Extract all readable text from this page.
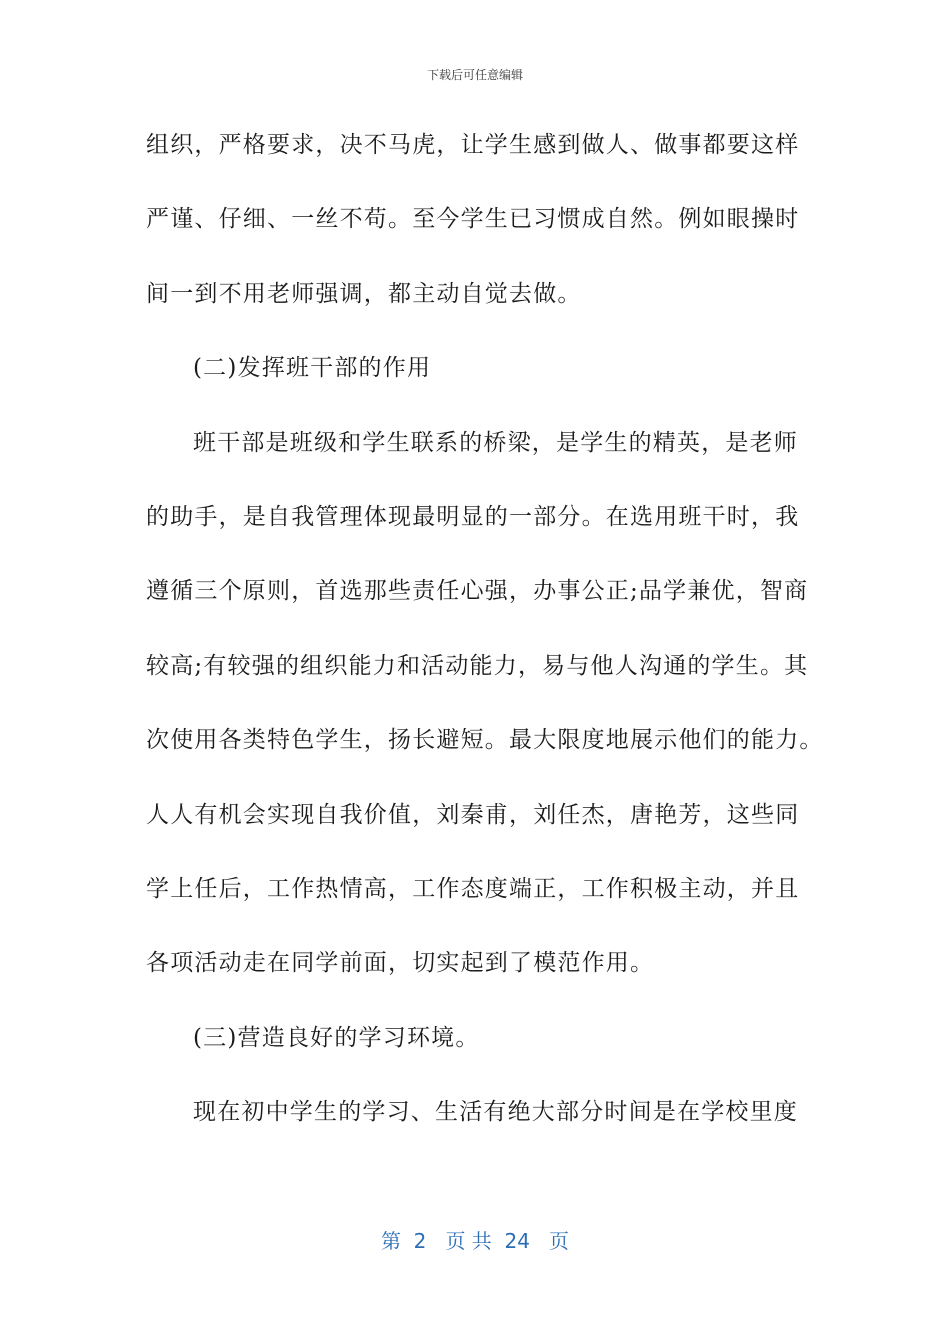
下载后可任意编辑
组织，严格要求，决不马虎，让学生感到做人、做事都要这样
严谨、仔细、一丝不苟。至今学生已习惯成自然。例如眼操时
间一到不用老师强调，都主动自觉去做。
(二)发挥班干部的作用
班干部是班级和学生联系的桥梁，是学生的精英，是老师
的助手，是自我管理体现最明显的一部分。在选用班干时，我
遵循三个原则，首选那些责任心强，办事公正;品学兼优，智商
较高;有较强的组织能力和活动能力，易与他人沟通的学生。其
次使用各类特色学生，扬长避短。最大限度地展示他们的能力。
人人有机会实现自我价值，刘秦甫，刘任杰，唐艳芳，这些同
学上任后，工作热情高，工作态度端正，工作积极主动，并且
各项活动走在同学前面，切实起到了模范作用。
(三)营造良好的学习环境。
现在初中学生的学习、生活有绝大部分时间是在学校里度
第  2   页 共  24   页
